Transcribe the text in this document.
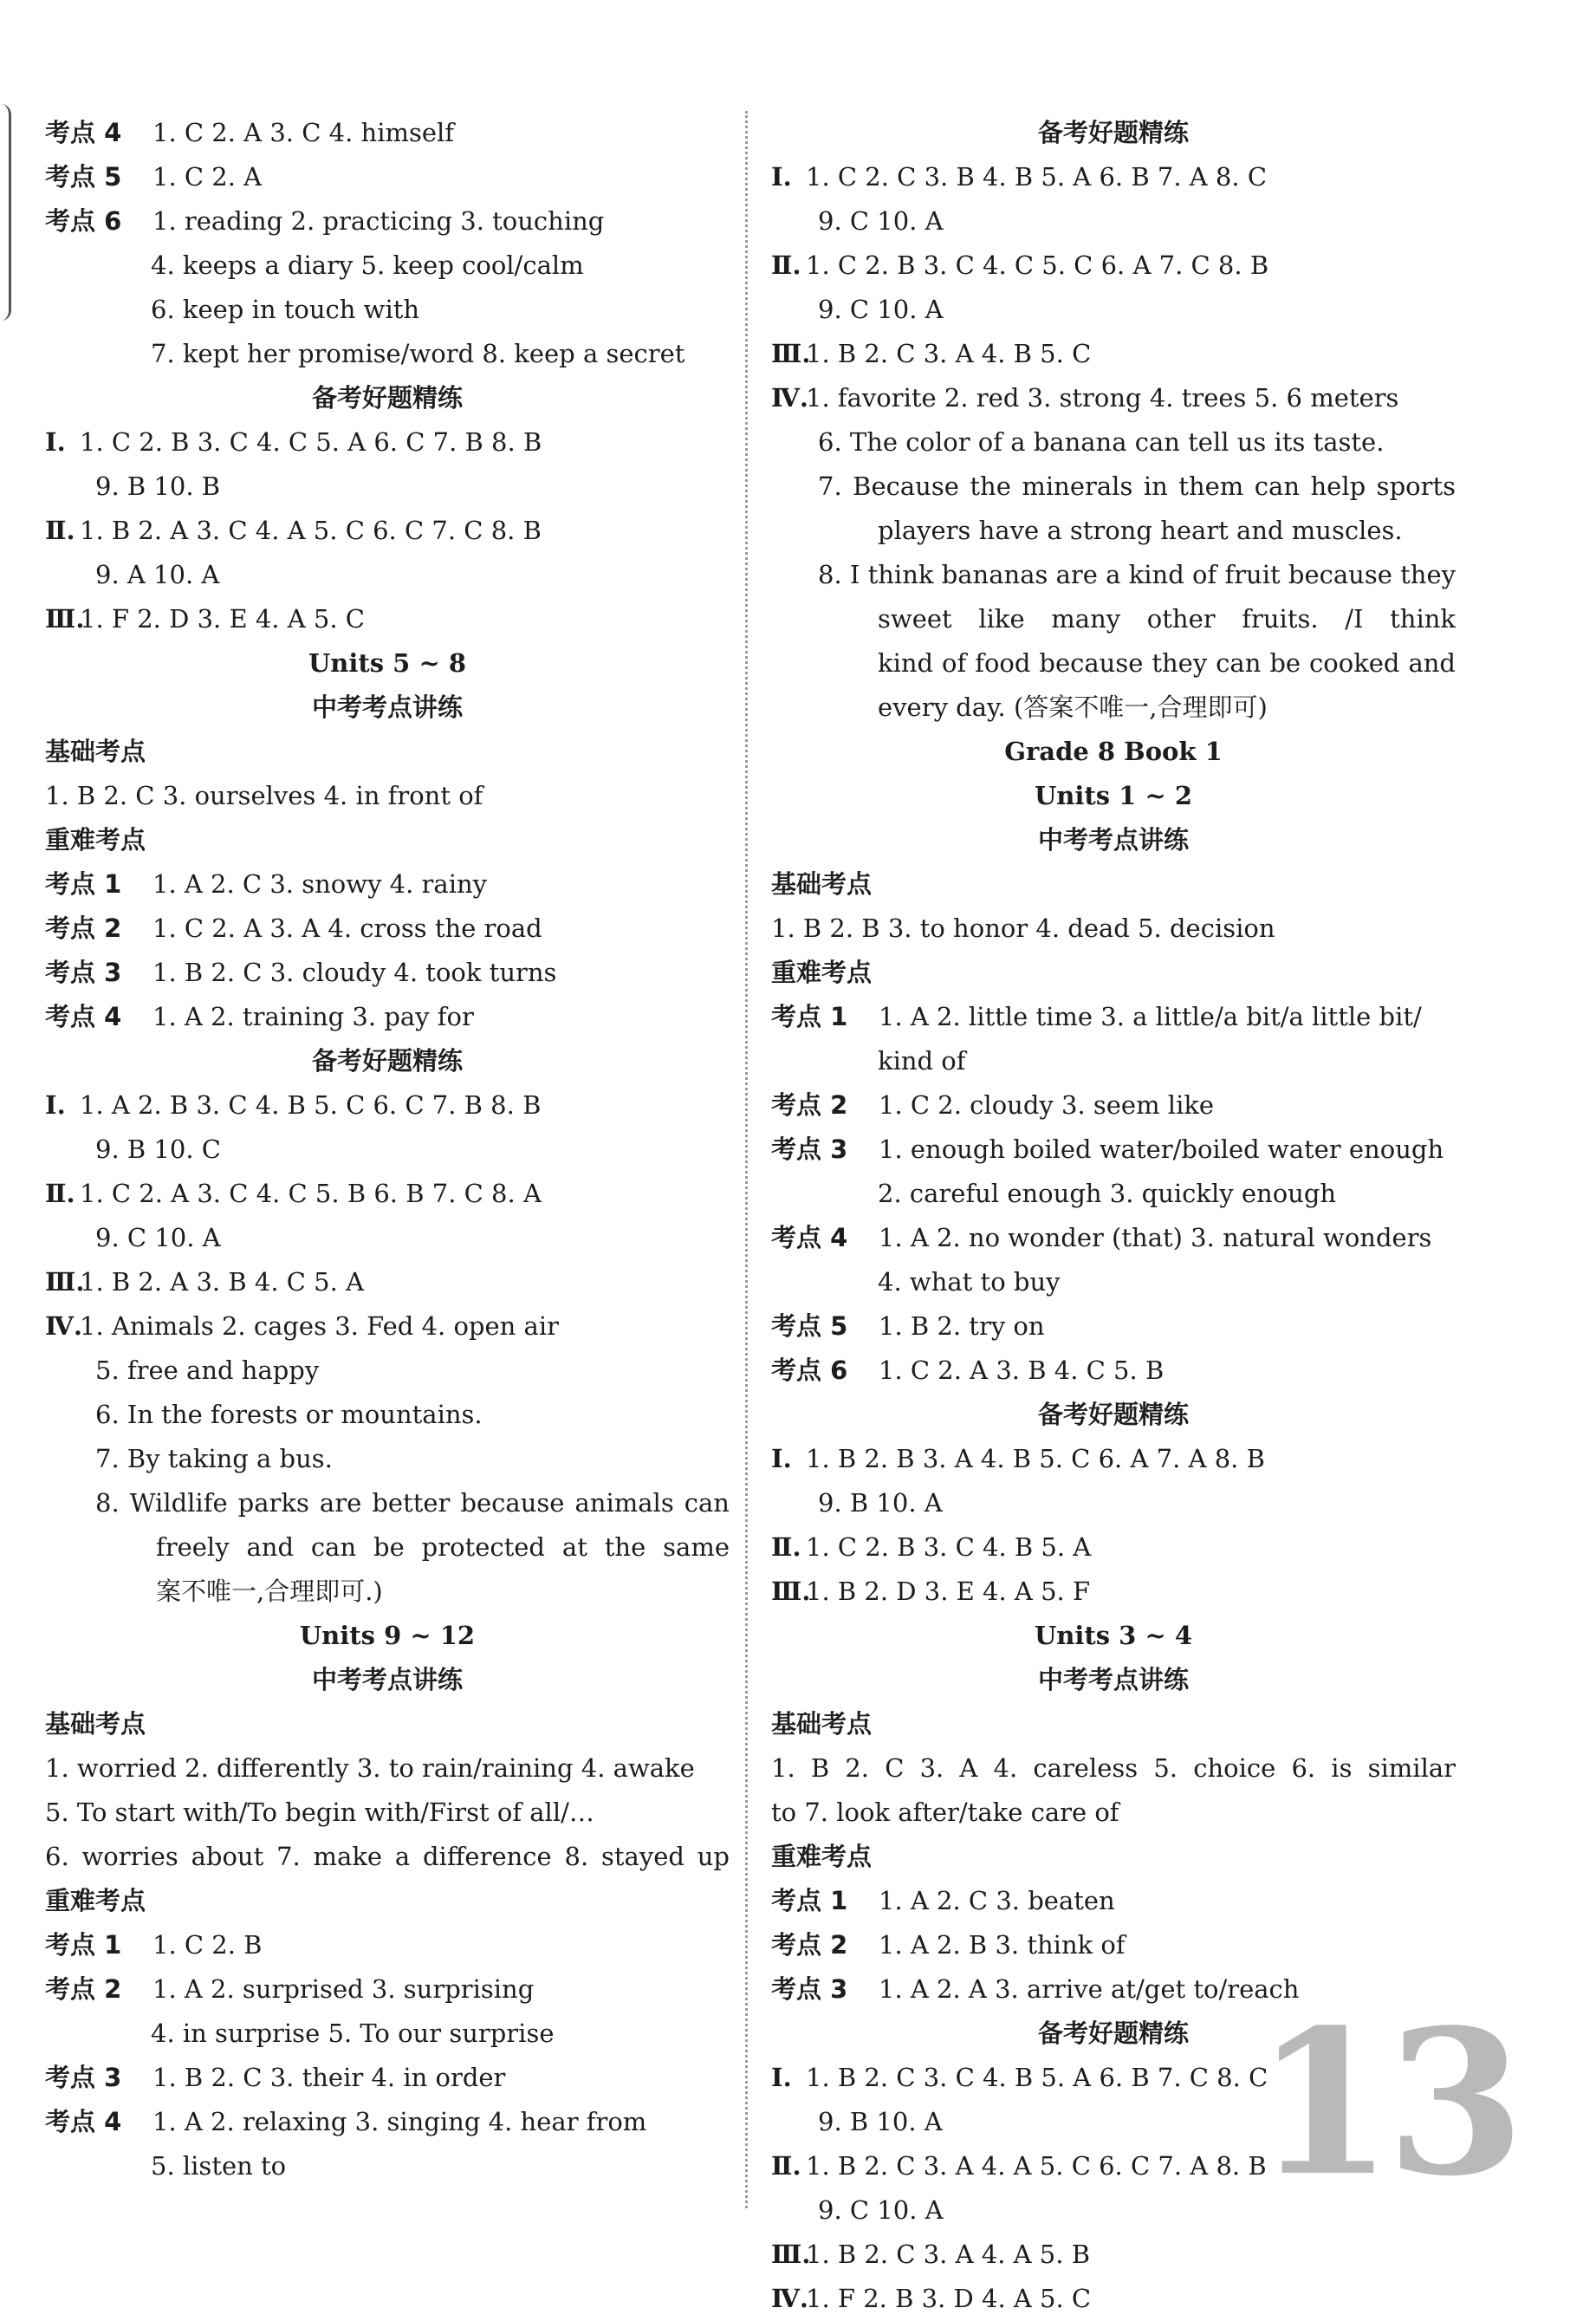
考点 4 1. C 2. A 3. C 4. himself
考点 5 1. C 2. A
考点 6 1. reading 2. practicing 3. touching
4. keeps a diary 5. keep cool/calm
6. keep in touch with
7. kept her promise/word 8. keep a secret
备考好题精练
Ⅰ. 1. C 2. B 3. C 4. C 5. A 6. C 7. B 8. B
9. B 10. B
Ⅱ. 1. B 2. A 3. C 4. A 5. C 6. C 7. C 8. B
9. A 10. A
Ⅲ.1. F 2. D 3. E 4. A 5. C
Units 5 ~ 8
中考考点讲练
基础考点
1. B 2. C 3. ourselves 4. in front of
重难考点
考点 1 1. A 2. C 3. snowy 4. rainy
考点 2 1. C 2. A 3. A 4. cross the road
考点 3 1. B 2. C 3. cloudy 4. took turns
考点 4 1. A 2. training 3. pay for
备考好题精练
Ⅰ. 1. A 2. B 3. C 4. B 5. C 6. C 7. B 8. B
9. B 10. C
Ⅱ. 1. C 2. A 3. C 4. C 5. B 6. B 7. C 8. A
9. C 10. A
Ⅲ.1. B 2. A 3. B 4. C 5. A
Ⅳ.1. Animals 2. cages 3. Fed 4. open air
5. free and happy
6. In the forests or mountains.
7. By taking a bus.
8. Wildlife parks are better because animals can
freely and can be protected at the same
案不唯一,合理即可.)
Units 9 ~ 12
中考考点讲练
基础考点
1. worried 2. differently 3. to rain/raining 4. awake
5. To start with/To begin with/First of all/…
6. worries about 7. make a difference 8. stayed up
重难考点
考点 1 1. C 2. B
考点 2 1. A 2. surprised 3. surprising
4. in surprise 5. To our surprise
考点 3 1. B 2. C 3. their 4. in order
考点 4 1. A 2. relaxing 3. singing 4. hear from
5. listen to
备考好题精练
Ⅰ. 1. C 2. C 3. B 4. B 5. A 6. B 7. A 8. C
9. C 10. A
Ⅱ. 1. C 2. B 3. C 4. C 5. C 6. A 7. C 8. B
9. C 10. A
Ⅲ.1. B 2. C 3. A 4. B 5. C
Ⅳ.1. favorite 2. red 3. strong 4. trees 5. 6 meters
6. The color of a banana can tell us its taste.
7. Because the minerals in them can help sports
players have a strong heart and muscles.
8. I think bananas are a kind of fruit because they
sweet like many other fruits. /I think
kind of food because they can be cooked and
every day. (答案不唯一,合理即可)
Grade 8 Book 1
Units 1 ~ 2
中考考点讲练
基础考点
1. B 2. B 3. to honor 4. dead 5. decision
重难考点
考点 1 1. A 2. little time 3. a little/a bit/a little bit/
kind of
考点 2 1. C 2. cloudy 3. seem like
考点 3 1. enough boiled water/boiled water enough
2. careful enough 3. quickly enough
考点 4 1. A 2. no wonder (that) 3. natural wonders
4. what to buy
考点 5 1. B 2. try on
考点 6 1. C 2. A 3. B 4. C 5. B
备考好题精练
Ⅰ. 1. B 2. B 3. A 4. B 5. C 6. A 7. A 8. B
9. B 10. A
Ⅱ. 1. C 2. B 3. C 4. B 5. A
Ⅲ.1. B 2. D 3. E 4. A 5. F
Units 3 ~ 4
中考考点讲练
基础考点
1. B 2. C 3. A 4. careless 5. choice 6. is similar
to 7. look after/take care of
重难考点
考点 1 1. A 2. C 3. beaten
考点 2 1. A 2. B 3. think of
考点 3 1. A 2. A 3. arrive at/get to/reach
备考好题精练
Ⅰ. 1. B 2. C 3. C 4. B 5. A 6. B 7. C 8. C
9. B 10. A
Ⅱ. 1. B 2. C 3. A 4. A 5. C 6. C 7. A 8. B
9. C 10. A
Ⅲ.1. B 2. C 3. A 4. A 5. B
Ⅳ.1. F 2. B 3. D 4. A 5. C
13
